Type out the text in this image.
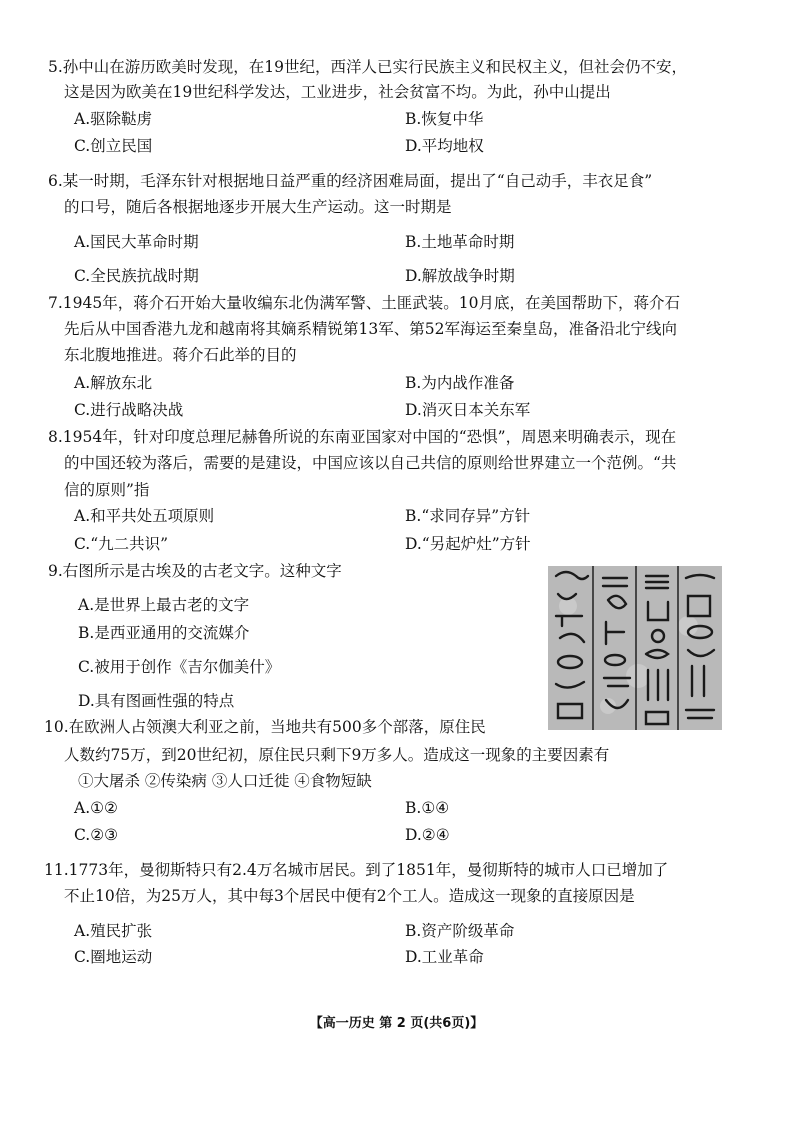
5.孙中山在游历欧美时发现，在19世纪，西洋人已实行民族主义和民权主义，但社会仍不安，
这是因为欧美在19世纪科学发达，工业进步，社会贫富不均。为此，孙中山提出
A.驱除鞑虏	B.恢复中华
C.创立民国	D.平均地权
6.某一时期，毛泽东针对根据地日益严重的经济困难局面，提出了“自己动手，丰衣足食”
的口号，随后各根据地逐步开展大生产运动。这一时期是
A.国民大革命时期	B.土地革命时期
C.全民族抗战时期	D.解放战争时期
7.1945年，蒋介石开始大量收编东北伪满军警、土匪武装。10月底，在美国帮助下，蒋介石
先后从中国香港九龙和越南将其嫡系精锐第13军、第52军海运至秦皇岛，准备沿北宁线向
东北腹地推进。蒋介石此举的目的
A.解放东北	B.为内战作准备
C.进行战略决战	D.消灭日本关东军
8.1954年，针对印度总理尼赫鲁所说的东南亚国家对中国的“恐惧”，周恩来明确表示，现在
的中国还较为落后，需要的是建设，中国应该以自己共信的原则给世界建立一个范例。“共
信的原则”指
A.和平共处五项原则	B.“求同存异”方针
C.“九二共识”	D.“另起炉灶”方针
9.右图所示是古埃及的古老文字。这种文字
A.是世界上最古老的文字
B.是西亚通用的交流媒介
C.被用于创作《吉尔伽美什》
D.具有图画性强的特点
10.在欧洲人占领澳大利亚之前，当地共有500多个部落，原住民
人数约75万，到20世纪初，原住民只剩下9万多人。造成这一现象的主要因素有
①大屠杀 ②传染病 ③人口迁徙 ④食物短缺
A.①②	B.①④
C.②③	D.②④
11.1773年，曼彻斯特只有2.4万名城市居民。到了1851年，曼彻斯特的城市人口已增加了
不止10倍，为25万人，其中每3个居民中便有2个工人。造成这一现象的直接原因是
A.殖民扩张	B.资产阶级革命
C.圈地运动	D.工业革命
【高一历史 第 2 页(共6页)】
